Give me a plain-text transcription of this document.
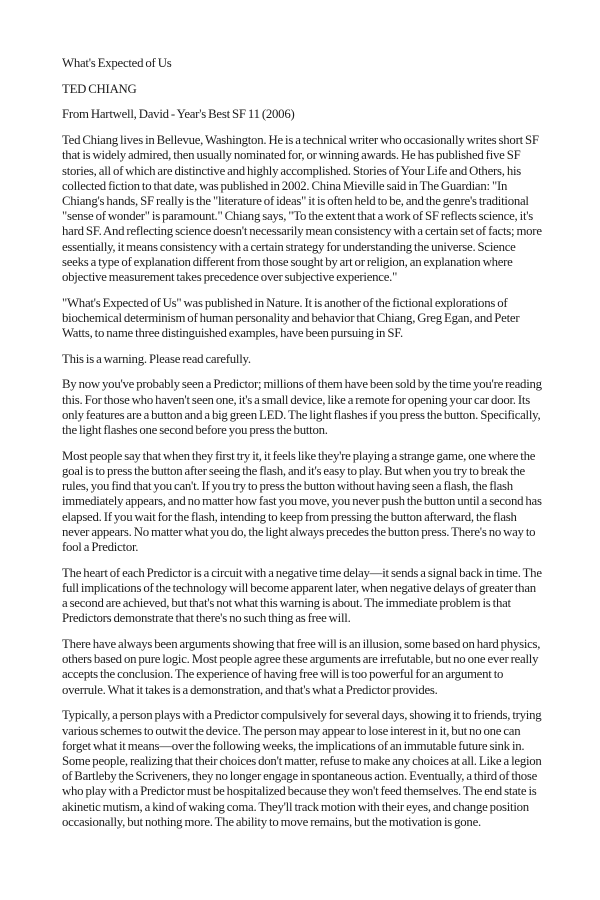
What's Expected of Us

TED CHIANG

From Hartwell, David - Year's Best SF 11 (2006)

Ted Chiang lives in Bellevue, Washington. He is a technical writer who occasionally writes short SF that is widely admired, then usually nominated for, or winning awards. He has published five SF stories, all of which are distinctive and highly accomplished. Stories of Your Life and Others, his collected fiction to that date, was published in 2002. China Mieville said in The Guardian: "In Chiang's hands, SF really is the "literature of ideas" it is often held to be, and the genre's traditional "sense of wonder" is paramount." Chiang says, "To the extent that a work of SF reflects science, it's hard SF. And reflecting science doesn't necessarily mean consistency with a certain set of facts; more essentially, it means consistency with a certain strategy for understanding the universe. Science seeks a type of explanation different from those sought by art or religion, an explanation where objective measurement takes precedence over subjective experience."

"What's Expected of Us" was published in Nature. It is another of the fictional explorations of biochemical determinism of human personality and behavior that Chiang, Greg Egan, and Peter Watts, to name three distinguished examples, have been pursuing in SF.

This is a warning. Please read carefully.

By now you've probably seen a Predictor; millions of them have been sold by the time you're reading this. For those who haven't seen one, it's a small device, like a remote for opening your car door. Its only features are a button and a big green LED. The light flashes if you press the button. Specifically, the light flashes one second before you press the button.

Most people say that when they first try it, it feels like they're playing a strange game, one where the goal is to press the button after seeing the flash, and it's easy to play. But when you try to break the rules, you find that you can't. If you try to press the button without having seen a flash, the flash immediately appears, and no matter how fast you move, you never push the button until a second has elapsed. If you wait for the flash, intending to keep from pressing the button afterward, the flash never appears. No matter what you do, the light always precedes the button press. There's no way to fool a Predictor.

The heart of each Predictor is a circuit with a negative time delay—it sends a signal back in time. The full implications of the technology will become apparent later, when negative delays of greater than a second are achieved, but that's not what this warning is about. The immediate problem is that Predictors demonstrate that there's no such thing as free will.

There have always been arguments showing that free will is an illusion, some based on hard physics, others based on pure logic. Most people agree these arguments are irrefutable, but no one ever really accepts the conclusion. The experience of having free will is too powerful for an argument to overrule. What it takes is a demonstration, and that's what a Predictor provides.

Typically, a person plays with a Predictor compulsively for several days, showing it to friends, trying various schemes to outwit the device. The person may appear to lose interest in it, but no one can forget what it means—over the following weeks, the implications of an immutable future sink in. Some people, realizing that their choices don't matter, refuse to make any choices at all. Like a legion of Bartleby the Scriveners, they no longer engage in spontaneous action. Eventually, a third of those who play with a Predictor must be hospitalized because they won't feed themselves. The end state is akinetic mutism, a kind of waking coma. They'll track motion with their eyes, and change position occasionally, but nothing more. The ability to move remains, but the motivation is gone.
